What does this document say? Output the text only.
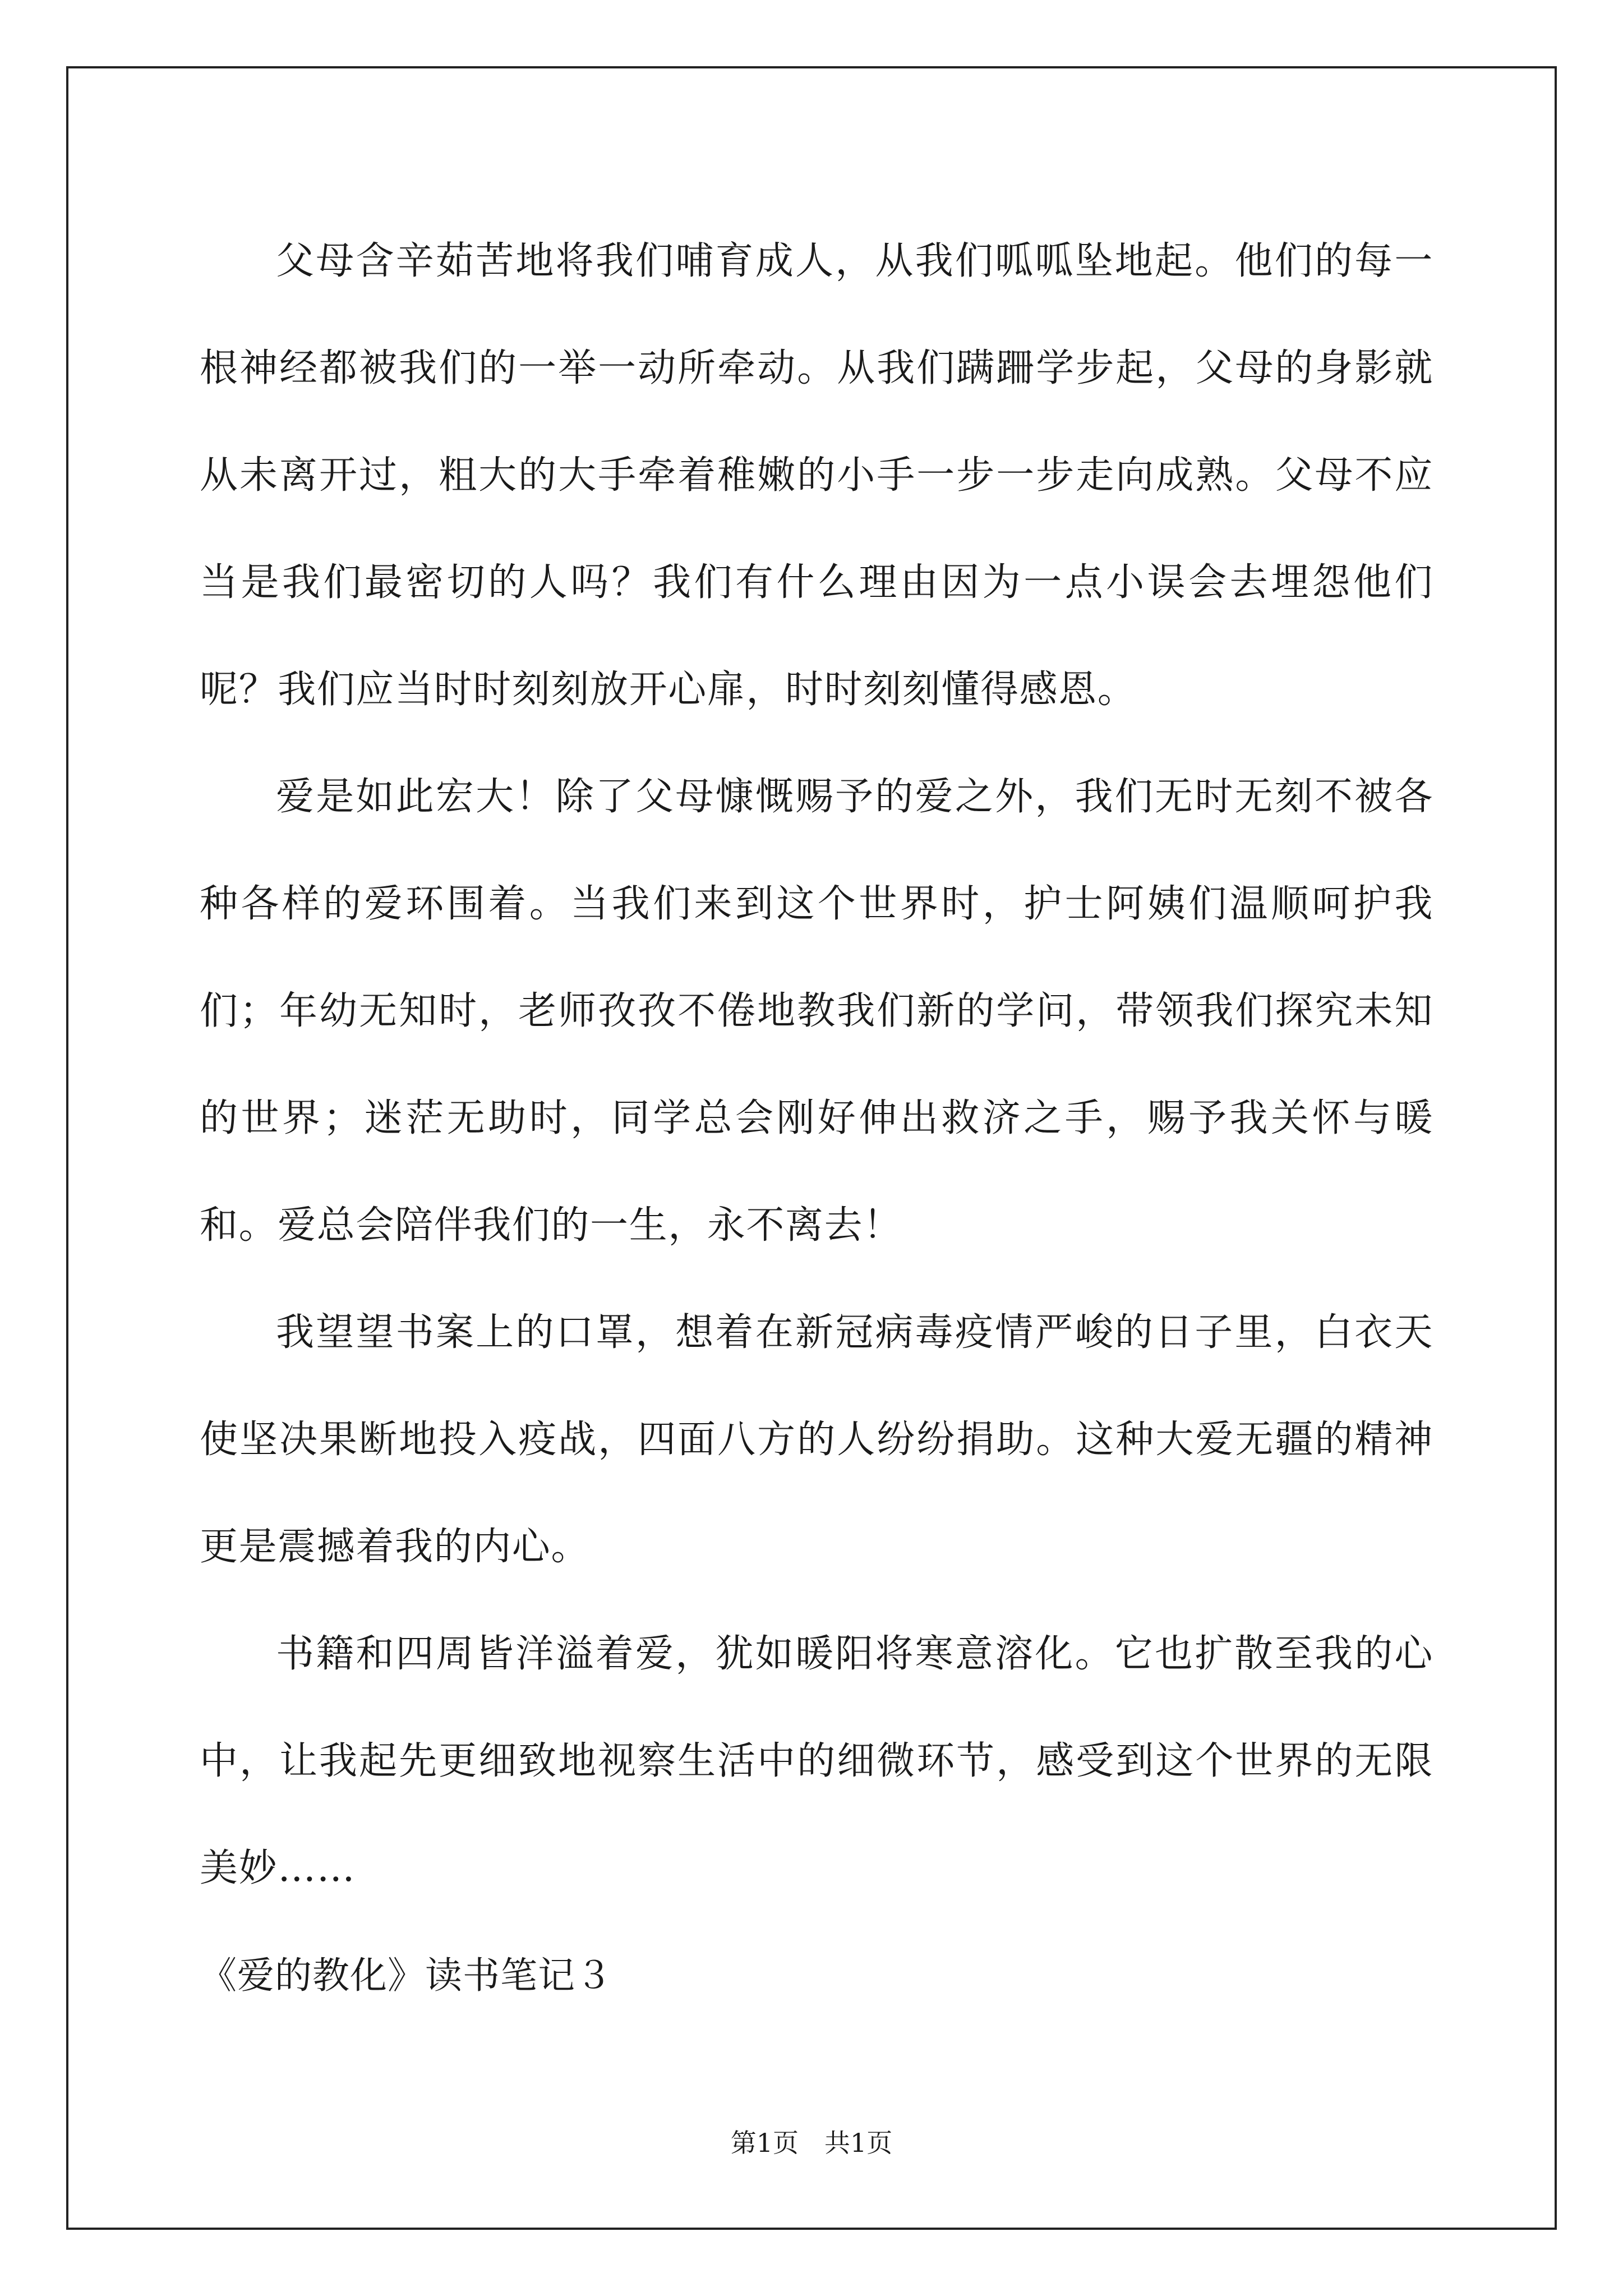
父母含辛茹苦地将我们哺育成人，从我们呱呱坠地起。他们的每一根神经都被我们的一举一动所牵动。从我们蹒跚学步起，父母的身影就从未离开过，粗大的大手牵着稚嫩的小手一步一步走向成熟。父母不应当是我们最密切的人吗？我们有什么理由因为一点小误会去埋怨他们呢？我们应当时时刻刻放开心扉，时时刻刻懂得感恩。

爱是如此宏大！除了父母慷慨赐予的爱之外，我们无时无刻不被各种各样的爱环围着。当我们来到这个世界时，护士阿姨们温顺呵护我们；年幼无知时，老师孜孜不倦地教我们新的学问，带领我们探究未知的世界；迷茫无助时，同学总会刚好伸出救济之手，赐予我关怀与暖和。爱总会陪伴我们的一生，永不离去！

我望望书案上的口罩，想着在新冠病毒疫情严峻的日子里，白衣天使坚决果断地投入疫战，四面八方的人纷纷捐助。这种大爱无疆的精神更是震撼着我的内心。

书籍和四周皆洋溢着爱，犹如暖阳将寒意溶化。它也扩散至我的心中，让我起先更细致地视察生活中的细微环节，感受到这个世界的无限美妙……

《爱的教化》读书笔记３

第1页 共1页
